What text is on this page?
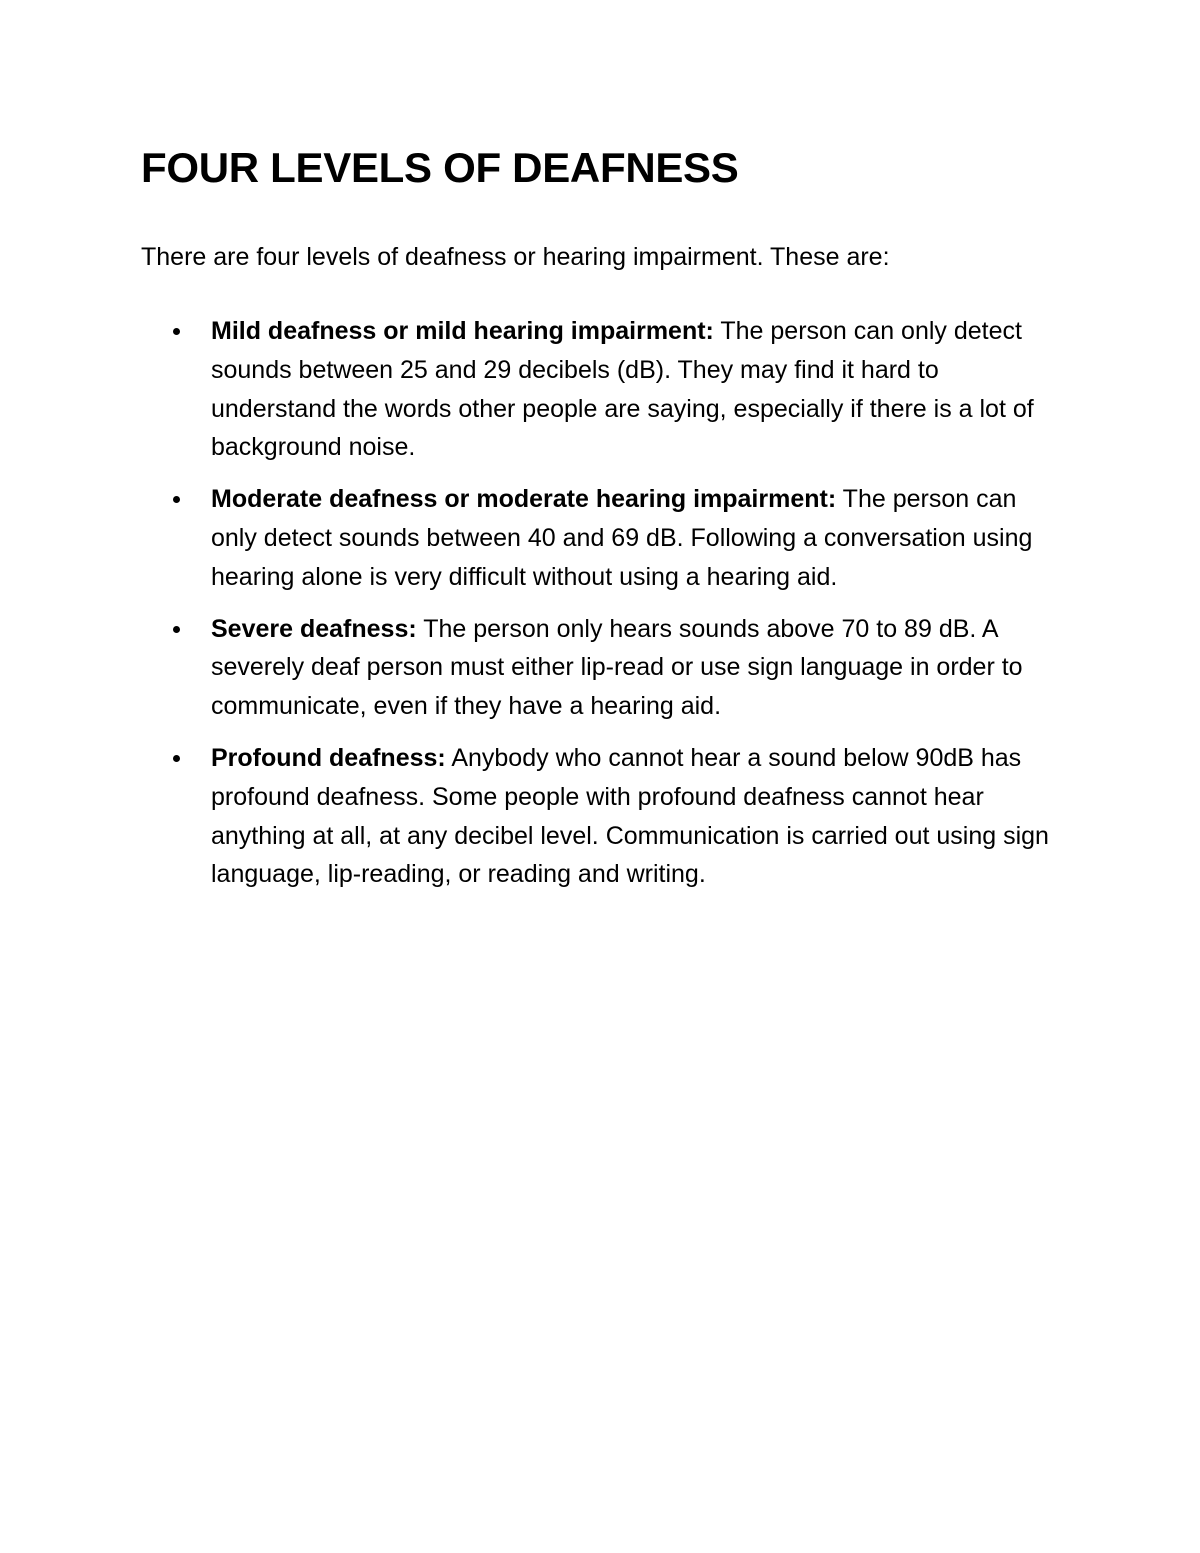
FOUR LEVELS OF DEAFNESS

There are four levels of deafness or hearing impairment. These are:

Mild deafness or mild hearing impairment: The person can only detect sounds between 25 and 29 decibels (dB). They may find it hard to understand the words other people are saying, especially if there is a lot of background noise.
Moderate deafness or moderate hearing impairment: The person can only detect sounds between 40 and 69 dB. Following a conversation using hearing alone is very difficult without using a hearing aid.
Severe deafness: The person only hears sounds above 70 to 89 dB. A severely deaf person must either lip-read or use sign language in order to communicate, even if they have a hearing aid.
Profound deafness: Anybody who cannot hear a sound below 90dB has profound deafness. Some people with profound deafness cannot hear anything at all, at any decibel level. Communication is carried out using sign language, lip-reading, or reading and writing.
